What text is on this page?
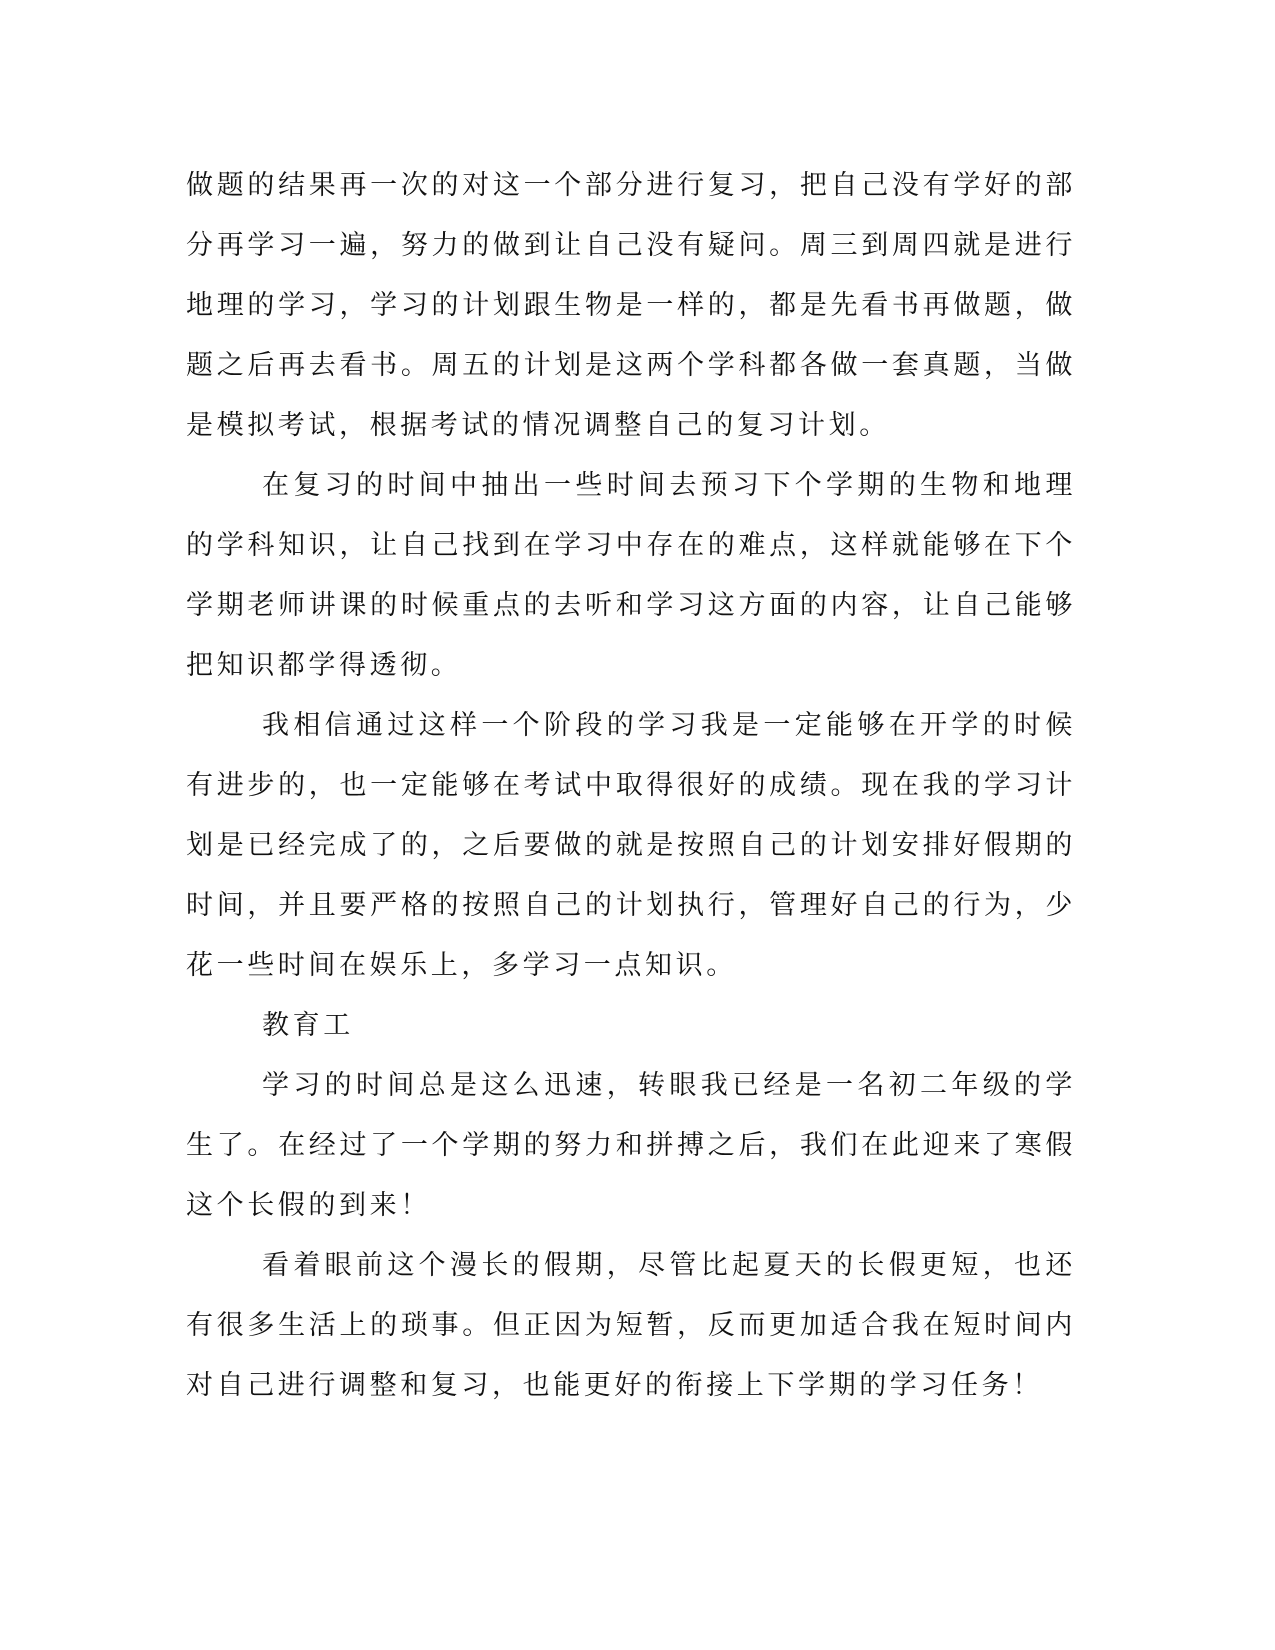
做题的结果再一次的对这一个部分进行复习，把自己没有学好的部分再学习一遍，努力的做到让自己没有疑问。周三到周四就是进行地理的学习，学习的计划跟生物是一样的，都是先看书再做题，做题之后再去看书。周五的计划是这两个学科都各做一套真题，当做是模拟考试，根据考试的情况调整自己的复习计划。

在复习的时间中抽出一些时间去预习下个学期的生物和地理的学科知识，让自己找到在学习中存在的难点，这样就能够在下个学期老师讲课的时候重点的去听和学习这方面的内容，让自己能够把知识都学得透彻。

我相信通过这样一个阶段的学习我是一定能够在开学的时候有进步的，也一定能够在考试中取得很好的成绩。现在我的学习计划是已经完成了的，之后要做的就是按照自己的计划安排好假期的时间，并且要严格的按照自己的计划执行，管理好自己的行为，少花一些时间在娱乐上，多学习一点知识。

教育工

学习的时间总是这么迅速，转眼我已经是一名初二年级的学生了。在经过了一个学期的努力和拼搏之后，我们在此迎来了寒假这个长假的到来！

看着眼前这个漫长的假期，尽管比起夏天的长假更短，也还有很多生活上的琐事。但正因为短暂，反而更加适合我在短时间内对自己进行调整和复习，也能更好的衔接上下学期的学习任务！
